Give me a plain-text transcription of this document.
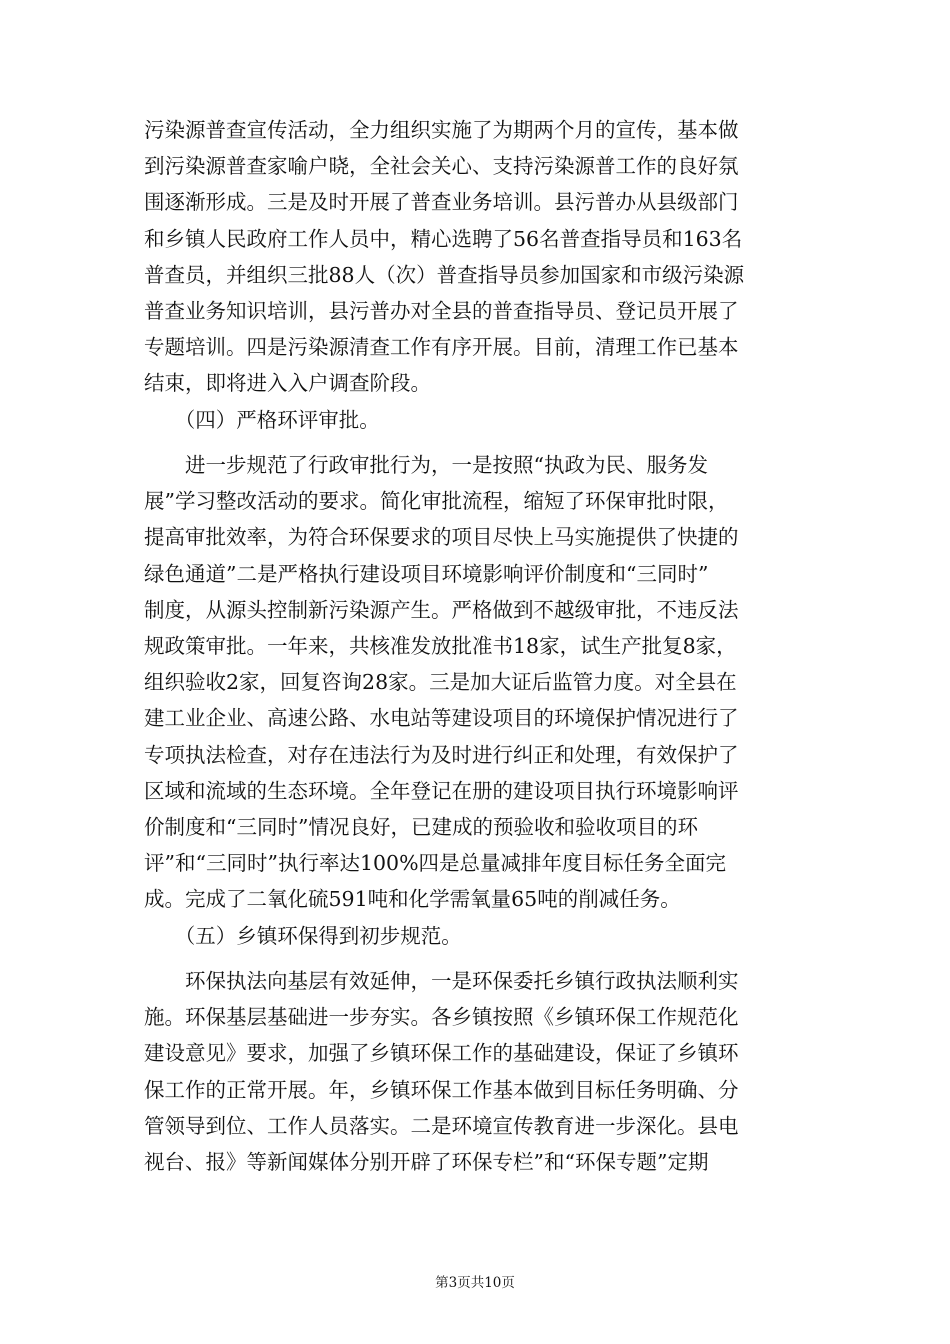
污染源普查宣传活动，全力组织实施了为期两个月的宣传，基本做
到污染源普查家喻户晓，全社会关心、支持污染源普工作的良好氛
围逐渐形成。三是及时开展了普查业务培训。县污普办从县级部门
和乡镇人民政府工作人员中，精心选聘了56名普查指导员和163名
普查员，并组织三批88人（次）普查指导员参加国家和市级污染源
普查业务知识培训，县污普办对全县的普查指导员、登记员开展了
专题培训。四是污染源清查工作有序开展。目前，清理工作已基本
结束，即将进入入户调查阶段。
　　（四）严格环评审批。
　　进一步规范了行政审批行为，一是按照“执政为民、服务发
展”学习整改活动的要求。简化审批流程，缩短了环保审批时限，
提高审批效率，为符合环保要求的项目尽快上马实施提供了快捷的
绿色通道”二是严格执行建设项目环境影响评价制度和“三同时”
制度，从源头控制新污染源产生。严格做到不越级审批，不违反法
规政策审批。一年来，共核准发放批准书18家，试生产批复8家，
组织验收2家，回复咨询28家。三是加大证后监管力度。对全县在
建工业企业、高速公路、水电站等建设项目的环境保护情况进行了
专项执法检查，对存在违法行为及时进行纠正和处理，有效保护了
区域和流域的生态环境。全年登记在册的建设项目执行环境影响评
价制度和“三同时”情况良好，已建成的预验收和验收项目的环
评”和“三同时”执行率达100%四是总量减排年度目标任务全面完
成。完成了二氧化硫591吨和化学需氧量65吨的削减任务。
　　（五）乡镇环保得到初步规范。
　　环保执法向基层有效延伸，一是环保委托乡镇行政执法顺利实
施。环保基层基础进一步夯实。各乡镇按照《乡镇环保工作规范化
建设意见》要求，加强了乡镇环保工作的基础建设，保证了乡镇环
保工作的正常开展。年，乡镇环保工作基本做到目标任务明确、分
管领导到位、工作人员落实。二是环境宣传教育进一步深化。县电
视台、报》等新闻媒体分别开辟了环保专栏”和“环保专题”定期
第3页共10页
